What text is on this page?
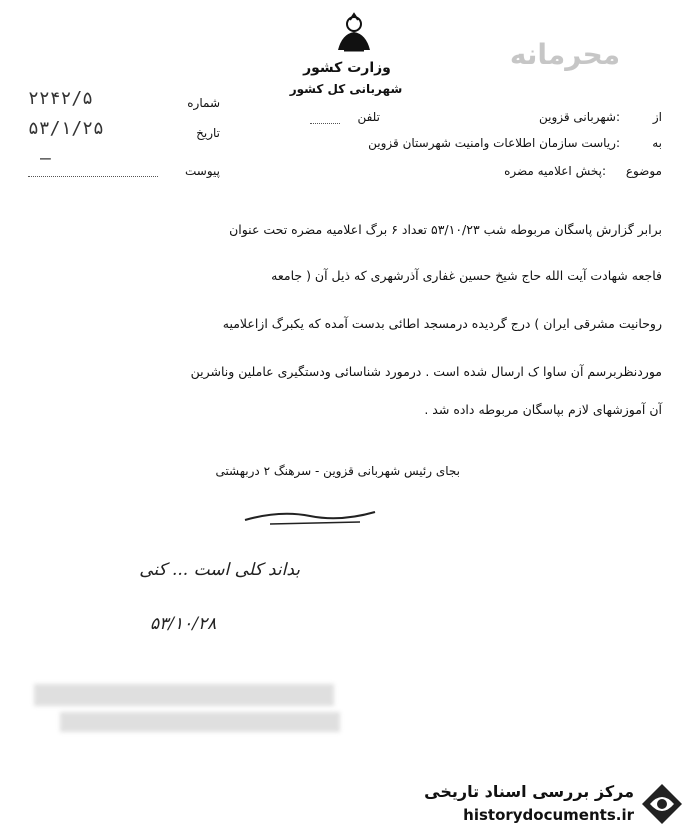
وزارت کشور
شهربانی کل کشور
محرمانه
شماره
۲۲۴۲/۵
تاریخ
۵۳/۱/۲۵
پیوست
—
از
:شهربانی قزوین
تلفن
به
:ریاست سازمان اطلاعات وامنیت شهرستان قزوین
موضوع
:پخش اعلامیه مضره
برابر گزارش پاسگان مربوطه شب ۵۳/۱۰/۲۳ تعداد ۶ برگ اعلامیه مضره تحت عنوان
فاجعه شهادت آیت الله حاج شیخ حسین غفاری آذرشهری که ذیل آن ( جامعه
روحانیت مشرقی ایران ) درج گردیده درمسجد اطائی بدست آمده که یکبرگ ازاعلامیه
موردنظربرسم آن ساوا ک ارسال شده است . درمورد شناسائی ودستگیری عاملین وناشرین
آن آموزشهای لازم بپاسگان مربوطه داده شد .
بجای رئیس شهربانی قزوین - سرهنگ ۲ دربهشتی
بداند کلی است ... کنی
۵۳/۱۰/۲۸
مرکز بررسی اسناد تاریخی
historydocuments.ir
